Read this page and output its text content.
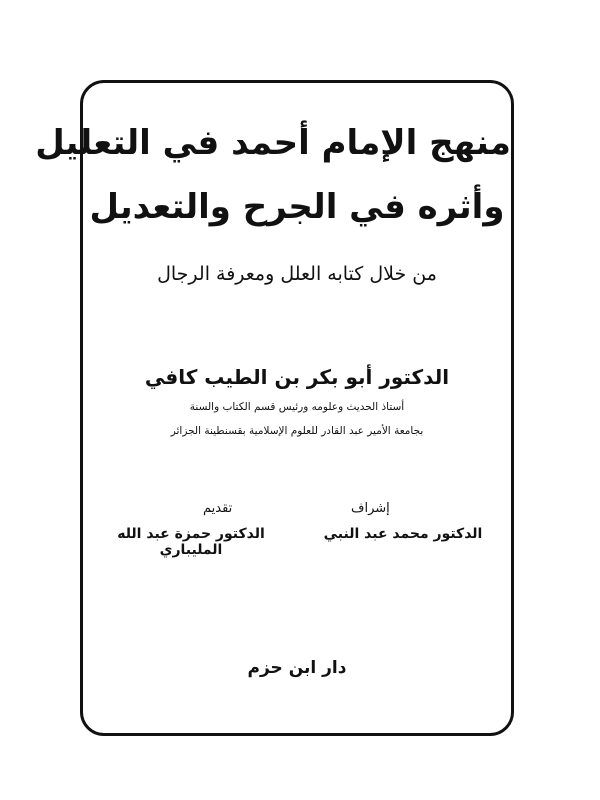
منهج الإمام أحمد في التعليل

وأثره في الجرح والتعديل

من خلال كتابه العلل ومعرفة الرجال

الدكتور أبو بكر بن الطيب كافي

أستاذ الحديث وعلومه ورئيس قسم الكتاب والسنة

بجامعة الأمير عبد القادر للعلوم الإسلامية بقسنطينة الجزائر

إشراف
الدكتور محمد عبد النبي
تقديم
الدكتور حمزة عبد الله المليباري

دار ابن حزم
